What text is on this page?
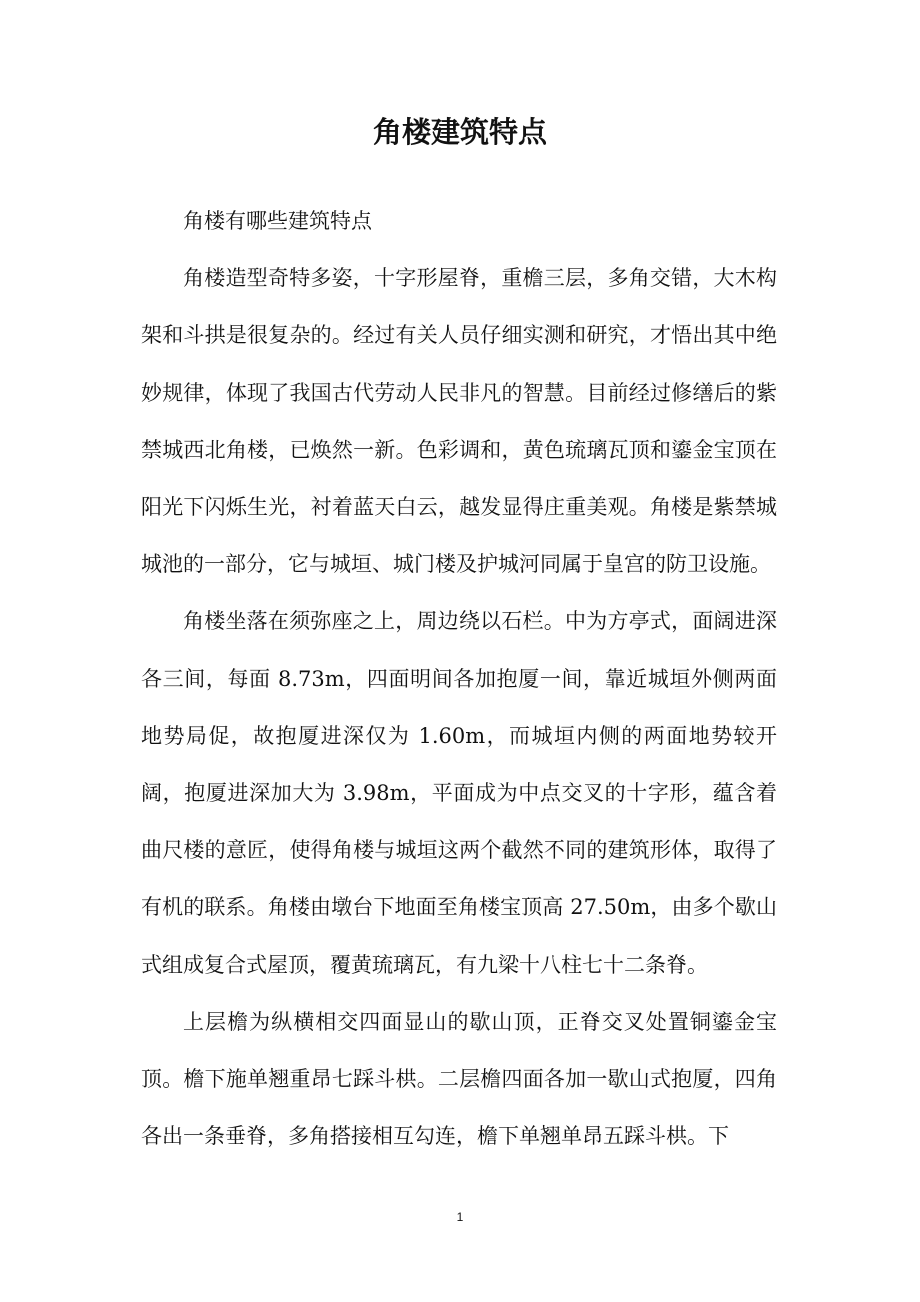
角楼建筑特点

角楼有哪些建筑特点

角楼造型奇特多姿，十字形屋脊，重檐三层，多角交错，大木构架和斗拱是很复杂的。经过有关人员仔细实测和研究，才悟出其中绝妙规律，体现了我国古代劳动人民非凡的智慧。目前经过修缮后的紫禁城西北角楼，已焕然一新。色彩调和，黄色琉璃瓦顶和鎏金宝顶在阳光下闪烁生光，衬着蓝天白云，越发显得庄重美观。角楼是紫禁城城池的一部分，它与城垣、城门楼及护城河同属于皇宫的防卫设施。

角楼坐落在须弥座之上，周边绕以石栏。中为方亭式，面阔进深各三间，每面 8.73m，四面明间各加抱厦一间，靠近城垣外侧两面地势局促，故抱厦进深仅为 1.60m，而城垣内侧的两面地势较开阔，抱厦进深加大为 3.98m，平面成为中点交叉的十字形，蕴含着曲尺楼的意匠，使得角楼与城垣这两个截然不同的建筑形体，取得了有机的联系。角楼由墩台下地面至角楼宝顶高 27.50m，由多个歇山式组成复合式屋顶，覆黄琉璃瓦，有九梁十八柱七十二条脊。

上层檐为纵横相交四面显山的歇山顶，正脊交叉处置铜鎏金宝顶。檐下施单翘重昂七踩斗栱。二层檐四面各加一歇山式抱厦，四角各出一条垂脊，多角搭接相互勾连，檐下单翘单昂五踩斗栱。下

1
